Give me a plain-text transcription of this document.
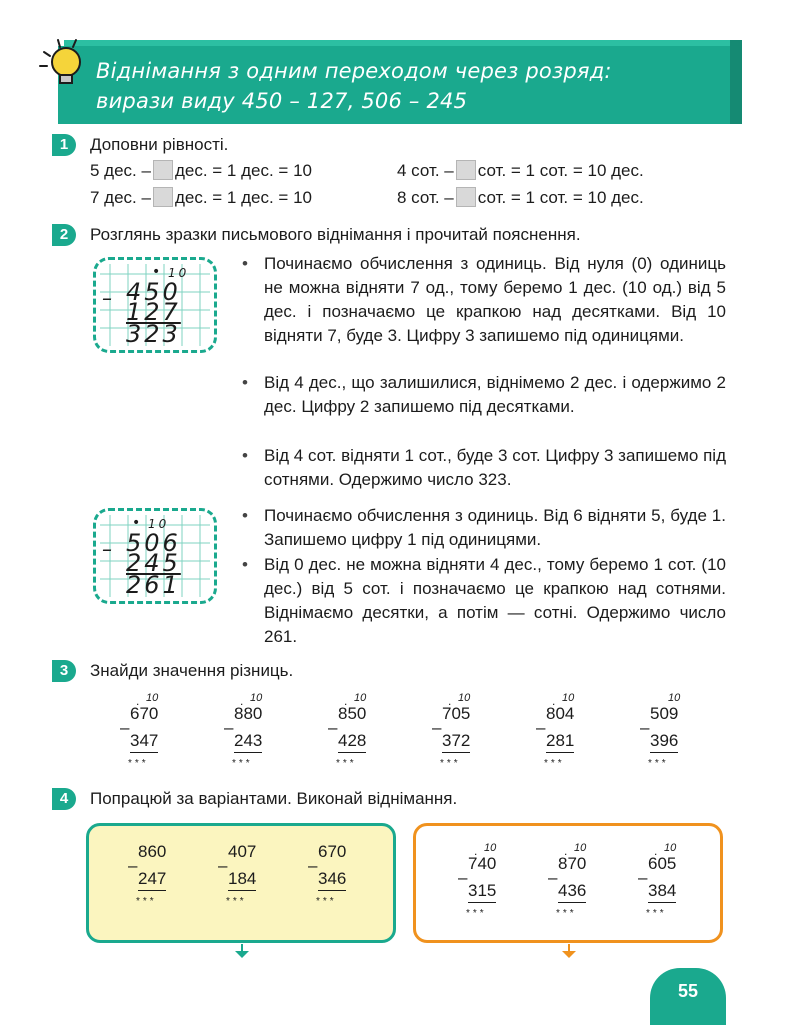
Віднімання з одним переходом через розряд:
вирази виду 450 – 127, 506 – 245
1	Доповни рівності.
5 дес. – дес. = 1 дес. = 10	4 сот. – сот. = 1 сот. = 10 дес.
7 дес. – дес. = 1 дес. = 10	8 сот. – сот. = 1 сот. = 10 дес.
2	Розглянь зразки письмового віднімання і прочитай пояснення.
10
•
– 450
127
323
• Починаємо обчислення з одиниць. Від нуля (0) одиниць не можна відняти 7 од., тому беремо 1 дес. (10 од.) від 5 дес. і позначаємо це крапкою над десятками. Від 10 відняти 7, буде 3. Цифру 3 запишемо під одиницями.
• Від 4 дес., що залишилися, віднімемо 2 дес. і одержимо 2 дес. Цифру 2 запишемо під десятками.
• Від 4 сот. відняти 1 сот., буде 3 сот. Цифру 3 запишемо під сотнями. Одержимо число 323.
10
•
– 506
245
261
• Починаємо обчислення з одиниць. Від 6 відняти 5, буде 1. Запишемо цифру 1 під одиницями.
• Від 0 дес. не можна відняти 4 дес., тому беремо 1 сот. (10 дес.) від 5 сот. і позначаємо це крапкою над сотнями. Віднімаємо десятки, а потім — сотні. Одержимо число 261.
3	Знайди значення різниць.
. 10
670
–
347
***
. 10
880
–
243
***
. 10
850
–
428
***
. 10
705
–
372
***
. 10
804
–
281
***
10
509
–
396
***
4	Попрацюй за варіантами. Виконай віднімання.
860
–
247
***
407
–
184
***
670
–
346
***
. 10
740
–
315
***
. 10
870
–
436
***
. 10
605
–
384
***
55
